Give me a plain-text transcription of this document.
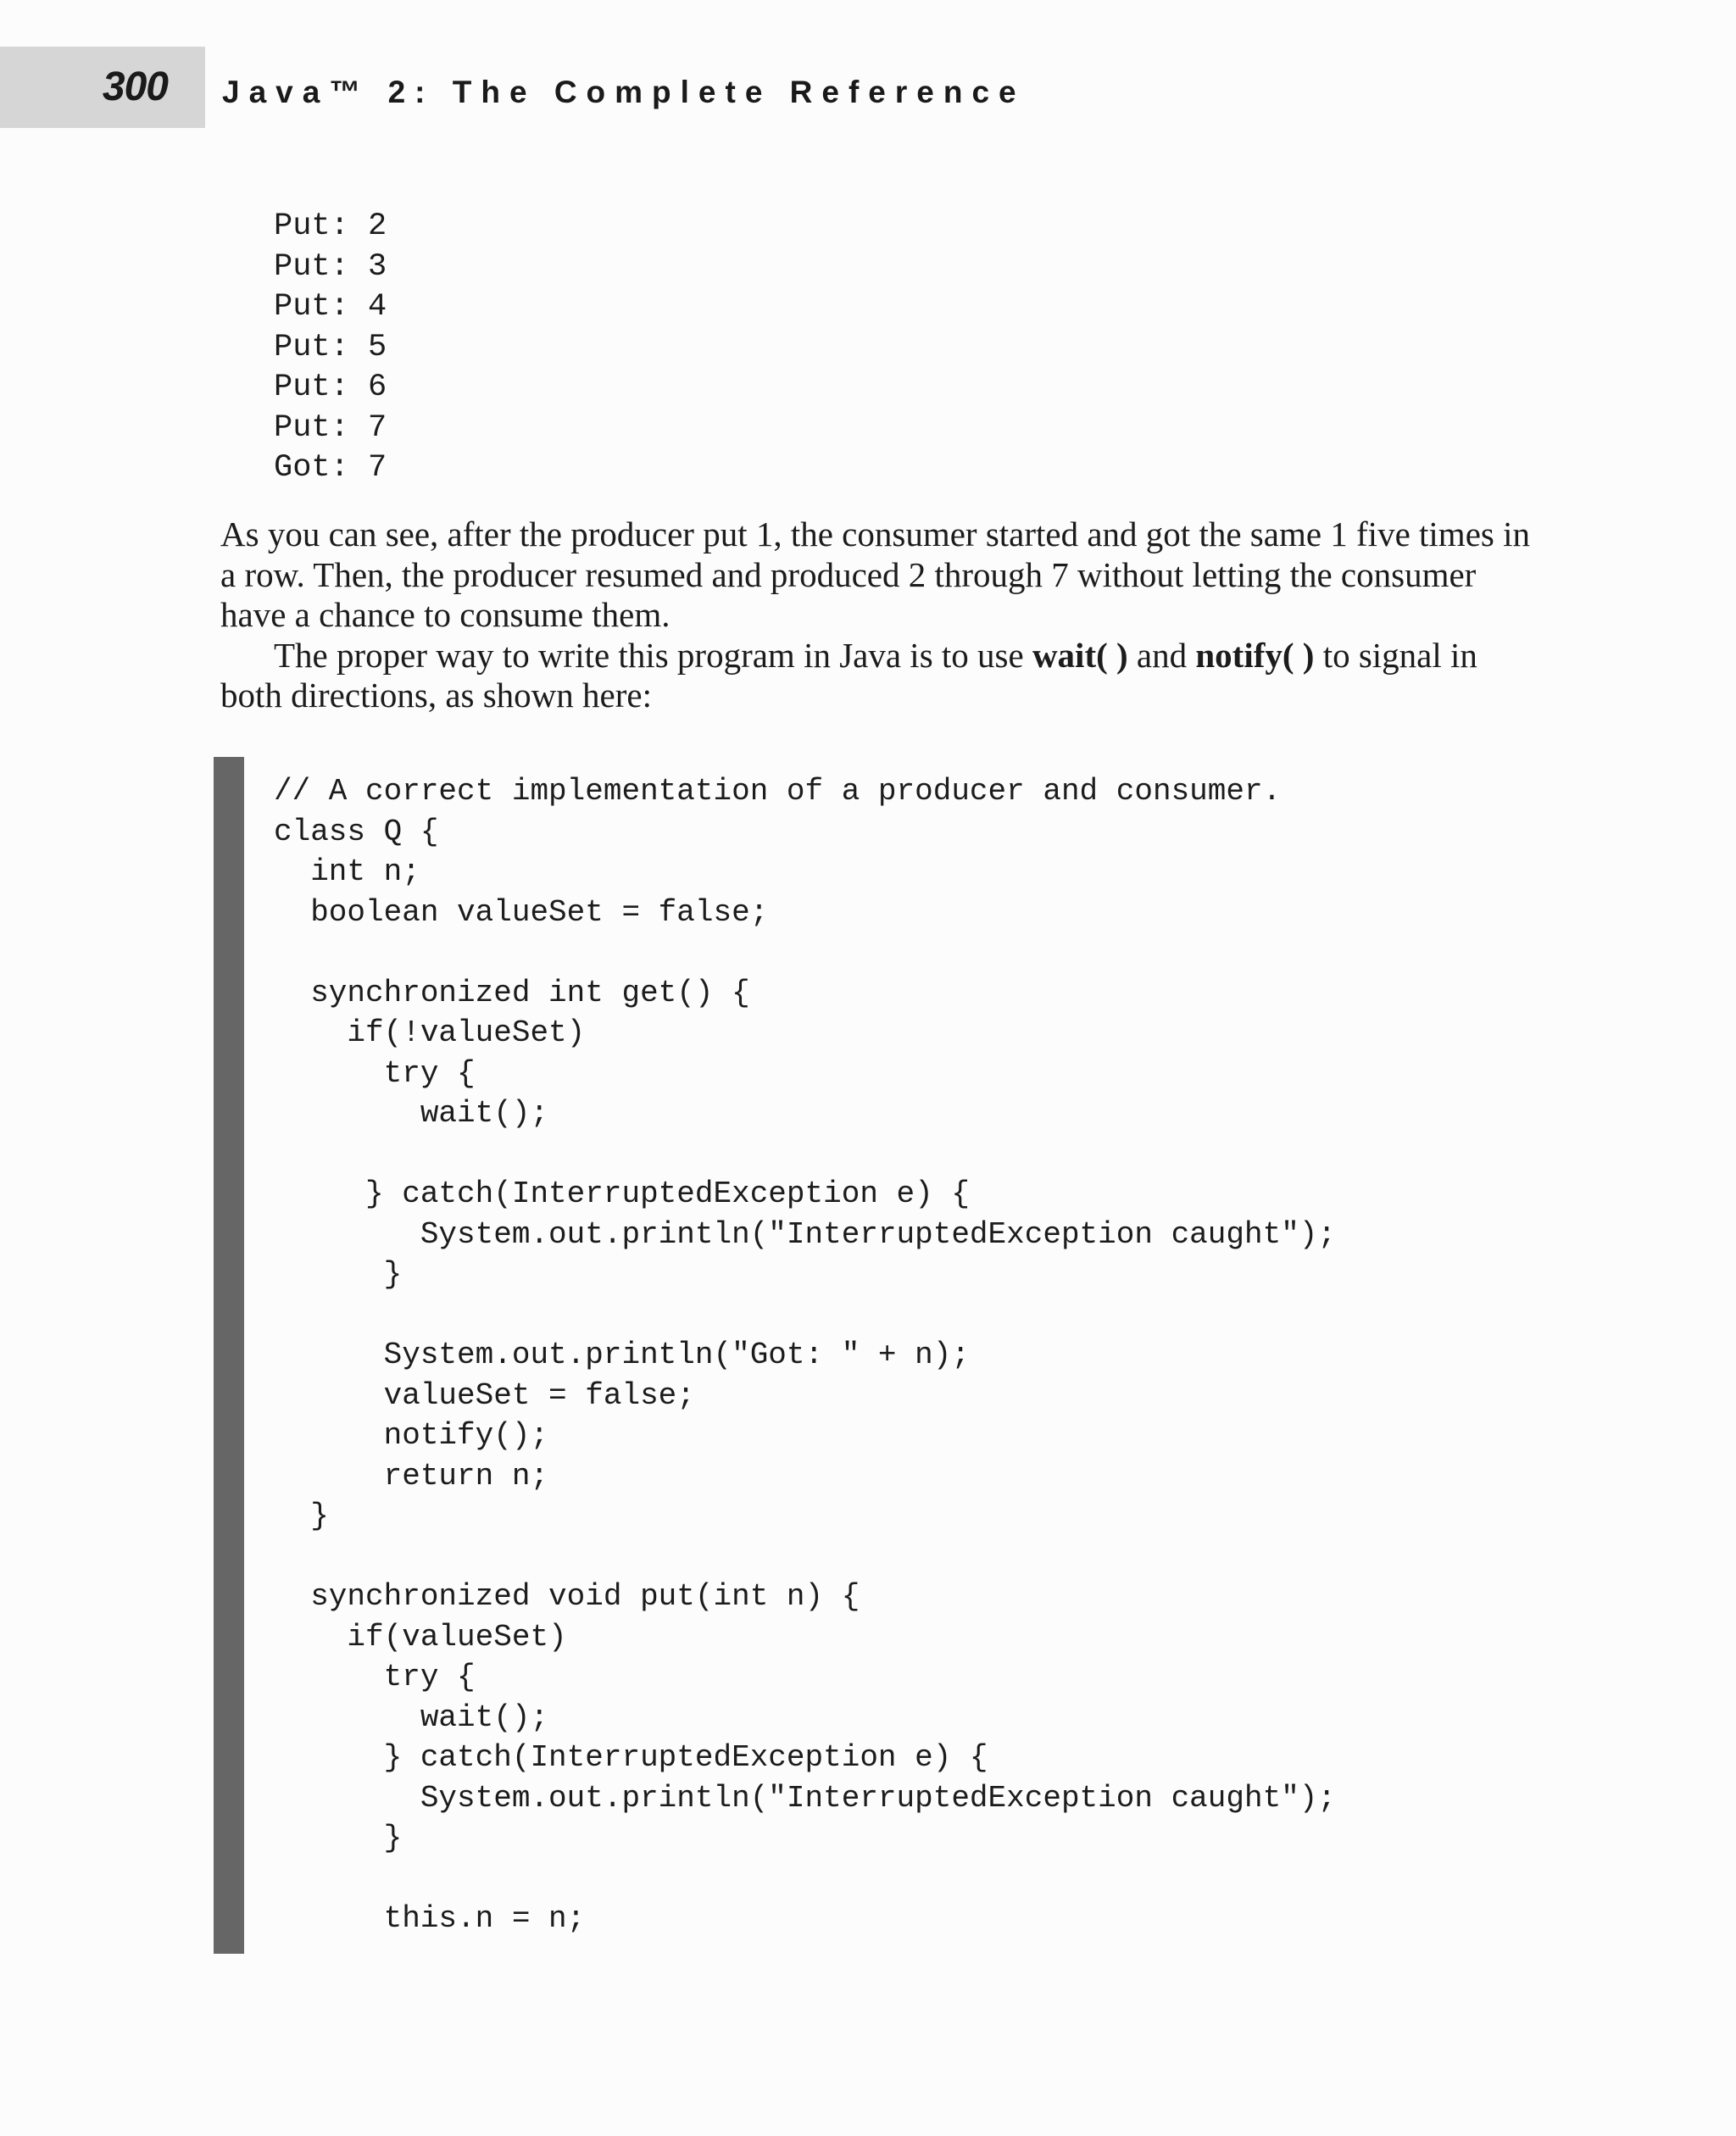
300 Java™ 2: The Complete Reference
Put: 2
Put: 3
Put: 4
Put: 5
Put: 6
Put: 7
Got: 7

As you can see, after the producer put 1, the consumer started and got the same 1 five times in a row. Then, the producer resumed and produced 2 through 7 without letting the consumer have a chance to consume them.

The proper way to write this program in Java is to use wait( ) and notify( ) to signal in both directions, as shown here:

// A correct implementation of a producer and consumer.
class Q {
int n;
boolean valueSet = false;
synchronized int get() {
if(!valueSet)
try {
wait();
} catch(InterruptedException e) {
System.out.println("InterruptedException caught");
}
System.out.println("Got: " + n);
valueSet = false;
notify();
return n;
}
synchronized void put(int n) {
if(valueSet)
try {
wait();
} catch(InterruptedException e) {
System.out.println("InterruptedException caught");
}
this.n = n;
